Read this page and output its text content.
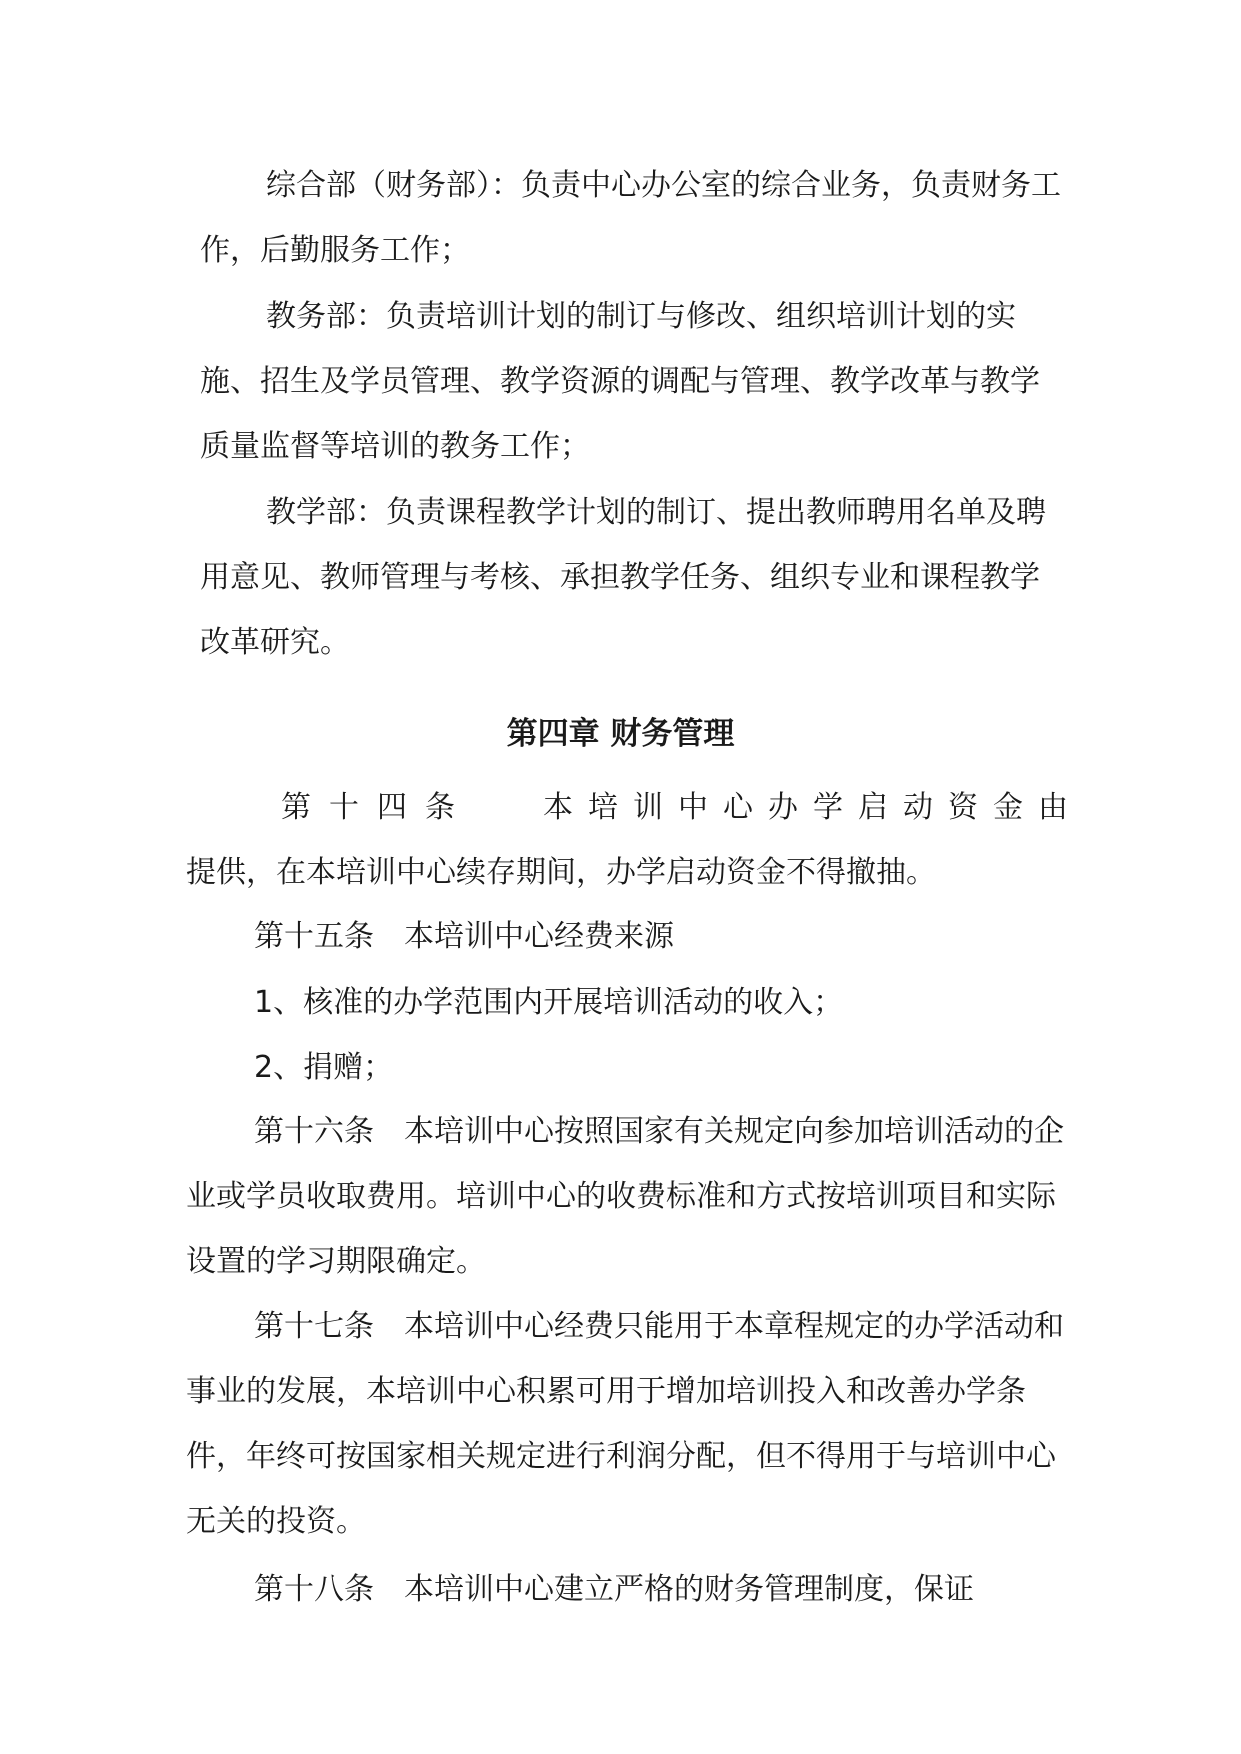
综合部（财务部）：负责中心办公室的综合业务，负责财务工作，后勤服务工作；

教务部：负责培训计划的制订与修改、组织培训计划的实施、招生及学员管理、教学资源的调配与管理、教学改革与教学质量监督等培训的教务工作；

教学部：负责课程教学计划的制订、提出教师聘用名单及聘用意见、教师管理与考核、承担教学任务、组织专业和课程教学改革研究。

第四章 财务管理
第十四条 本培训中心办学启动资金由
提供，在本培训中心续存期间，办学启动资金不得撤抽。

第十五条　本培训中心经费来源

1、核准的办学范围内开展培训活动的收入；

2、捐赠；

第十六条　本培训中心按照国家有关规定向参加培训活动的企业或学员收取费用。培训中心的收费标准和方式按培训项目和实际设置的学习期限确定。

第十七条　本培训中心经费只能用于本章程规定的办学活动和事业的发展，本培训中心积累可用于增加培训投入和改善办学条件，年终可按国家相关规定进行利润分配，但不得用于与培训中心无关的投资。

第十八条　本培训中心建立严格的财务管理制度，保证
